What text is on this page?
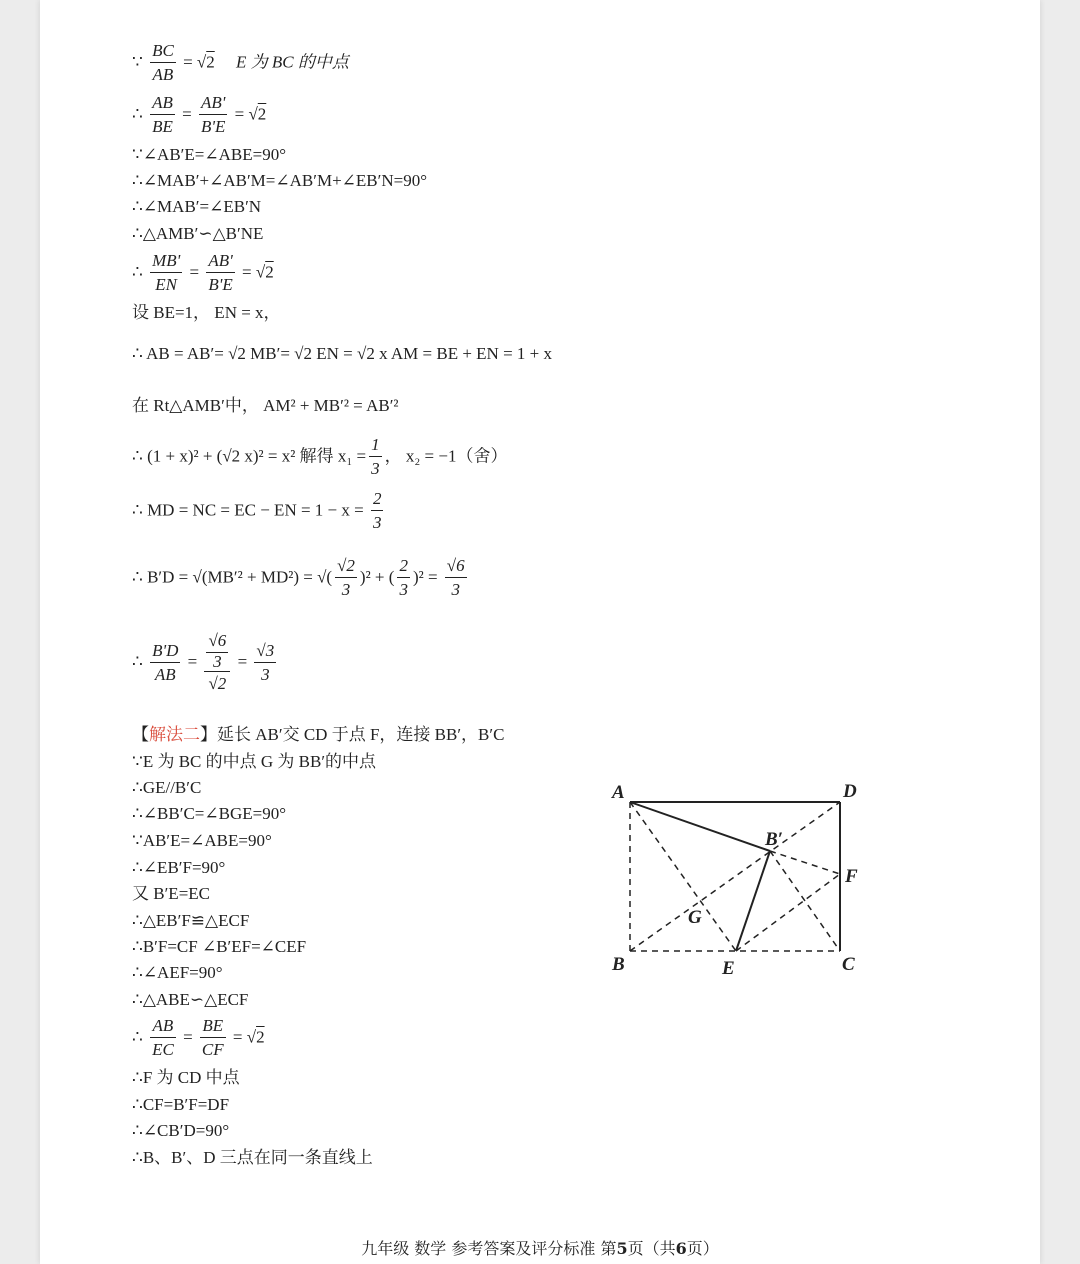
∵ $\frac{BC}{AB} = √2$ E 为 BC 的中点
∴ $\frac{AB}{BE} = \frac{AB'}{B'E} = √2$
∵∠AB′E=∠ABE=90°
∴∠MAB′+∠AB′M=∠AB′M+∠EB′N=90°
∴∠MAB′=∠EB′N
∴△AMB′∽△B′NE
∴ $\frac{MB'}{EN} = \frac{AB'}{B'E} = √2$
设 BE=1， EN = x，
∴ AB = AB′= √2 MB′= √2 EN = √2 x AM = BE + EN = 1 + x
在 Rt△AMB′中， AM² + MB′² = AB′²
∴ (1 + x)² + (√2 x)² = x² 解得 $x_1 = \frac{1}{3}$ ， x₂ = −1（舍）
∴ MD = NC = EC − EN = $1 - x = \frac{2}{3}$
∴ B′D = √(MB′² + MD²) = √( $\frac{√2}{3} )^2$ + ( $\frac{2}{3} )^2 = \frac{√6}{3}$
∴ $\frac{B'D}{AB} = \frac{\frac{√6}{3}}{√2} = \frac{√3}{3}$
【解法二】延长 AB′交 CD 于点 F，连接 BB′，B′C
∵E 为 BC 的中点 G 为 BB′的中点
∴GE//B′C
∴∠BB′C=∠BGE=90°
∵AB′E=∠ABE=90°
∴∠EB′F=90°
又 B′E=EC
∴△EB′F≌△ECF
∴B′F=CF ∠B′EF=∠CEF
∴∠AEF=90°
∴△ABE∽△ECF
∴ $\frac{AB}{EC} = \frac{BE}{CF} = √2$
∴F 为 CD 中点
∴CF=B′F=DF
∴∠CB′D=90°
∴B、B′、D 三点在同一条直线上
A	D
B	C
E
F
G
B′
九年级 数学 参考答案及评分标准 第5页（共6页）
